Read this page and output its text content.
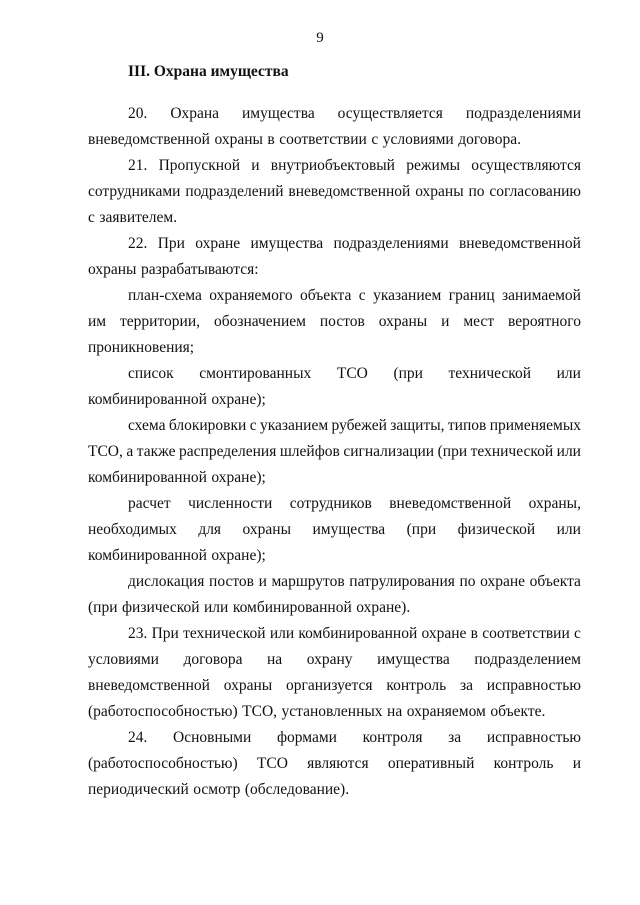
9
III. Охрана имущества
20. Охрана имущества осуществляется подразделениями
вневедомственной охраны в соответствии с условиями договора.
21. Пропускной и внутриобъектовый режимы осуществляются
сотрудниками подразделений вневедомственной охраны по согласованию
с заявителем.
22. При охране имущества подразделениями вневедомственной
охраны разрабатываются:
план-схема охраняемого объекта с указанием границ занимаемой
им территории, обозначением постов охраны и мест вероятного
проникновения;
список смонтированных ТСО (при технической или
комбинированной охране);
схема блокировки с указанием рубежей защиты, типов применяемых
ТСО, а также распределения шлейфов сигнализации (при технической или
комбинированной охране);
расчет численности сотрудников вневедомственной охраны,
необходимых для охраны имущества (при физической или
комбинированной охране);
дислокация постов и маршрутов патрулирования по охране объекта
(при физической или комбинированной охране).
23. При технической или комбинированной охране в соответствии с
условиями договора на охрану имущества подразделением
вневедомственной охраны организуется контроль за исправностью
(работоспособностью) ТСО, установленных на охраняемом объекте.
24. Основными формами контроля за исправностью
(работоспособностью) ТСО являются оперативный контроль и
периодический осмотр (обследование).
